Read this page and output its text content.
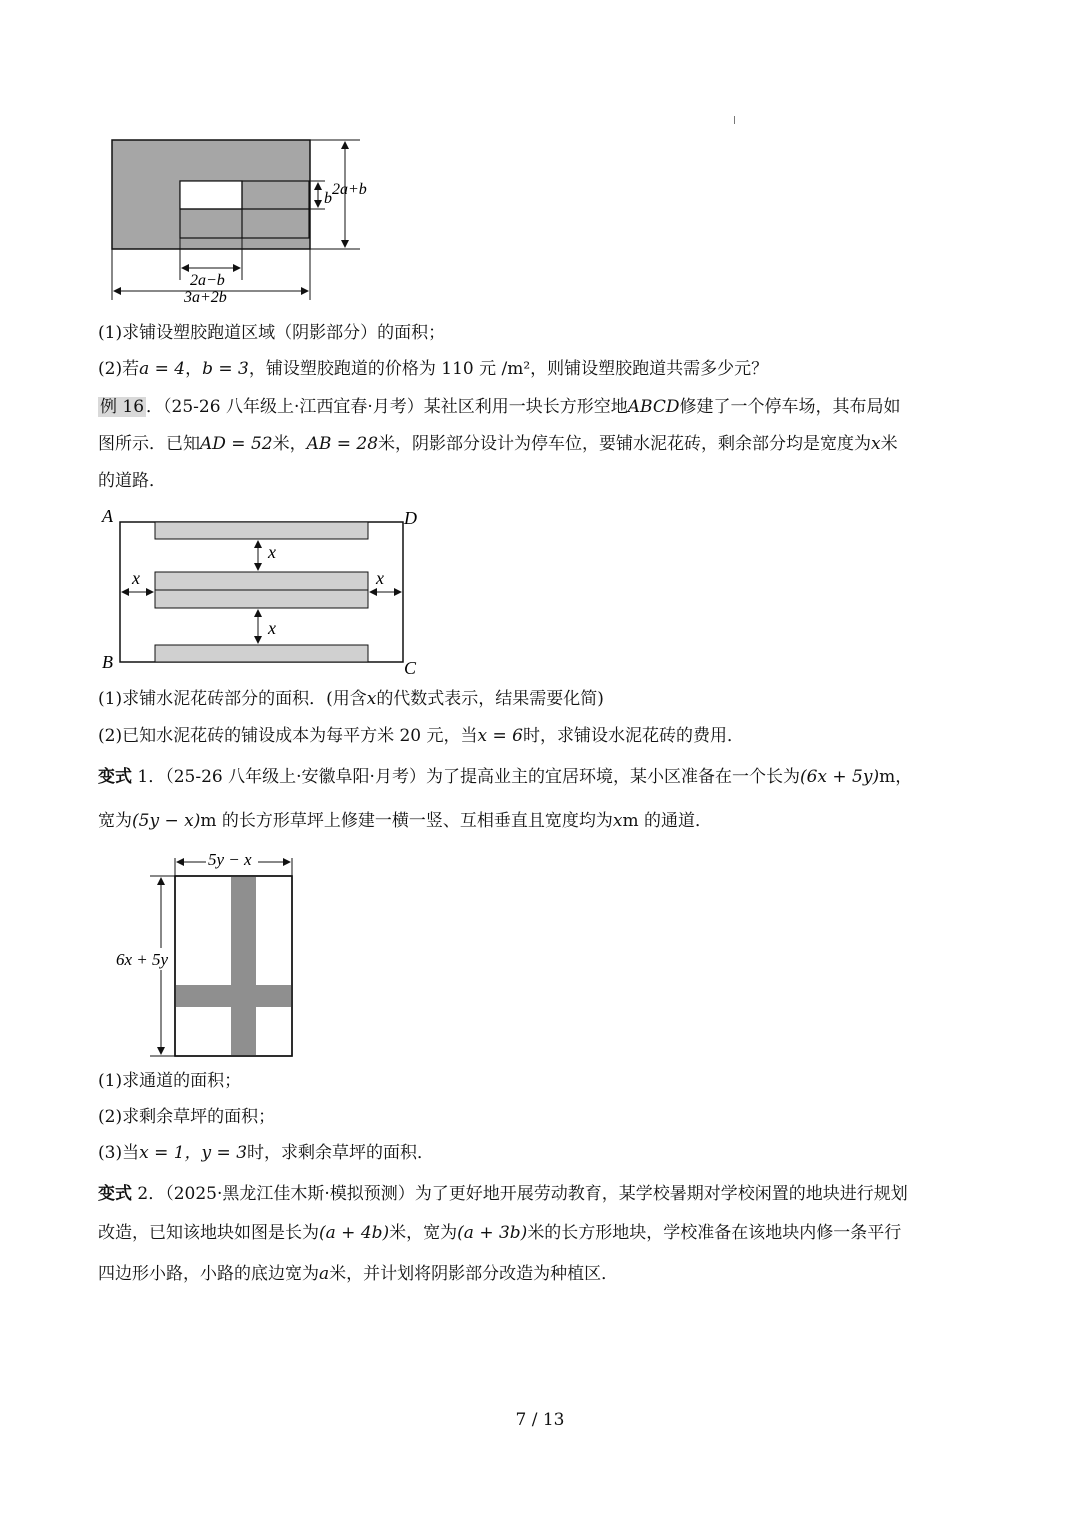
b
2a+b
2a−b
3a+2b
(1)求铺设塑胶跑道区域（阴影部分）的面积；
(2)若a = 4，b = 3，铺设塑胶跑道的价格为 110 元 /m²，则铺设塑胶跑道共需多少元？
例 16 ．（25-26 八年级上·江西宜春·月考）某社区利用一块长方形空地ABCD修建了一个停车场，其布局如
图所示．已知AD = 52米，AB = 28米，阴影部分设计为停车位，要铺水泥花砖，剩余部分均是宽度为x米
的道路．
A	D
B	C
x
x
x	x
(1)求铺水泥花砖部分的面积．(用含x的代数式表示，结果需要化简)
(2)已知水泥花砖的铺设成本为每平方米 20 元，当x = 6时，求铺设水泥花砖的费用．
变式 1．（25-26 八年级上·安徽阜阳·月考）为了提高业主的宜居环境，某小区准备在一个长为(6x + 5y)m，
宽为(5y − x)m 的长方形草坪上修建一横一竖、互相垂直且宽度均为xm 的通道．
5y − x
6x + 5y
(1)求通道的面积；
(2)求剩余草坪的面积；
(3)当x = 1，y = 3时，求剩余草坪的面积．
变式 2．（2025·黑龙江佳木斯·模拟预测）为了更好地开展劳动教育，某学校暑期对学校闲置的地块进行规划
改造，已知该地块如图是长为(a + 4b)米，宽为(a + 3b)米的长方形地块，学校准备在该地块内修一条平行
四边形小路，小路的底边宽为a米，并计划将阴影部分改造为种植区．
7 / 13
